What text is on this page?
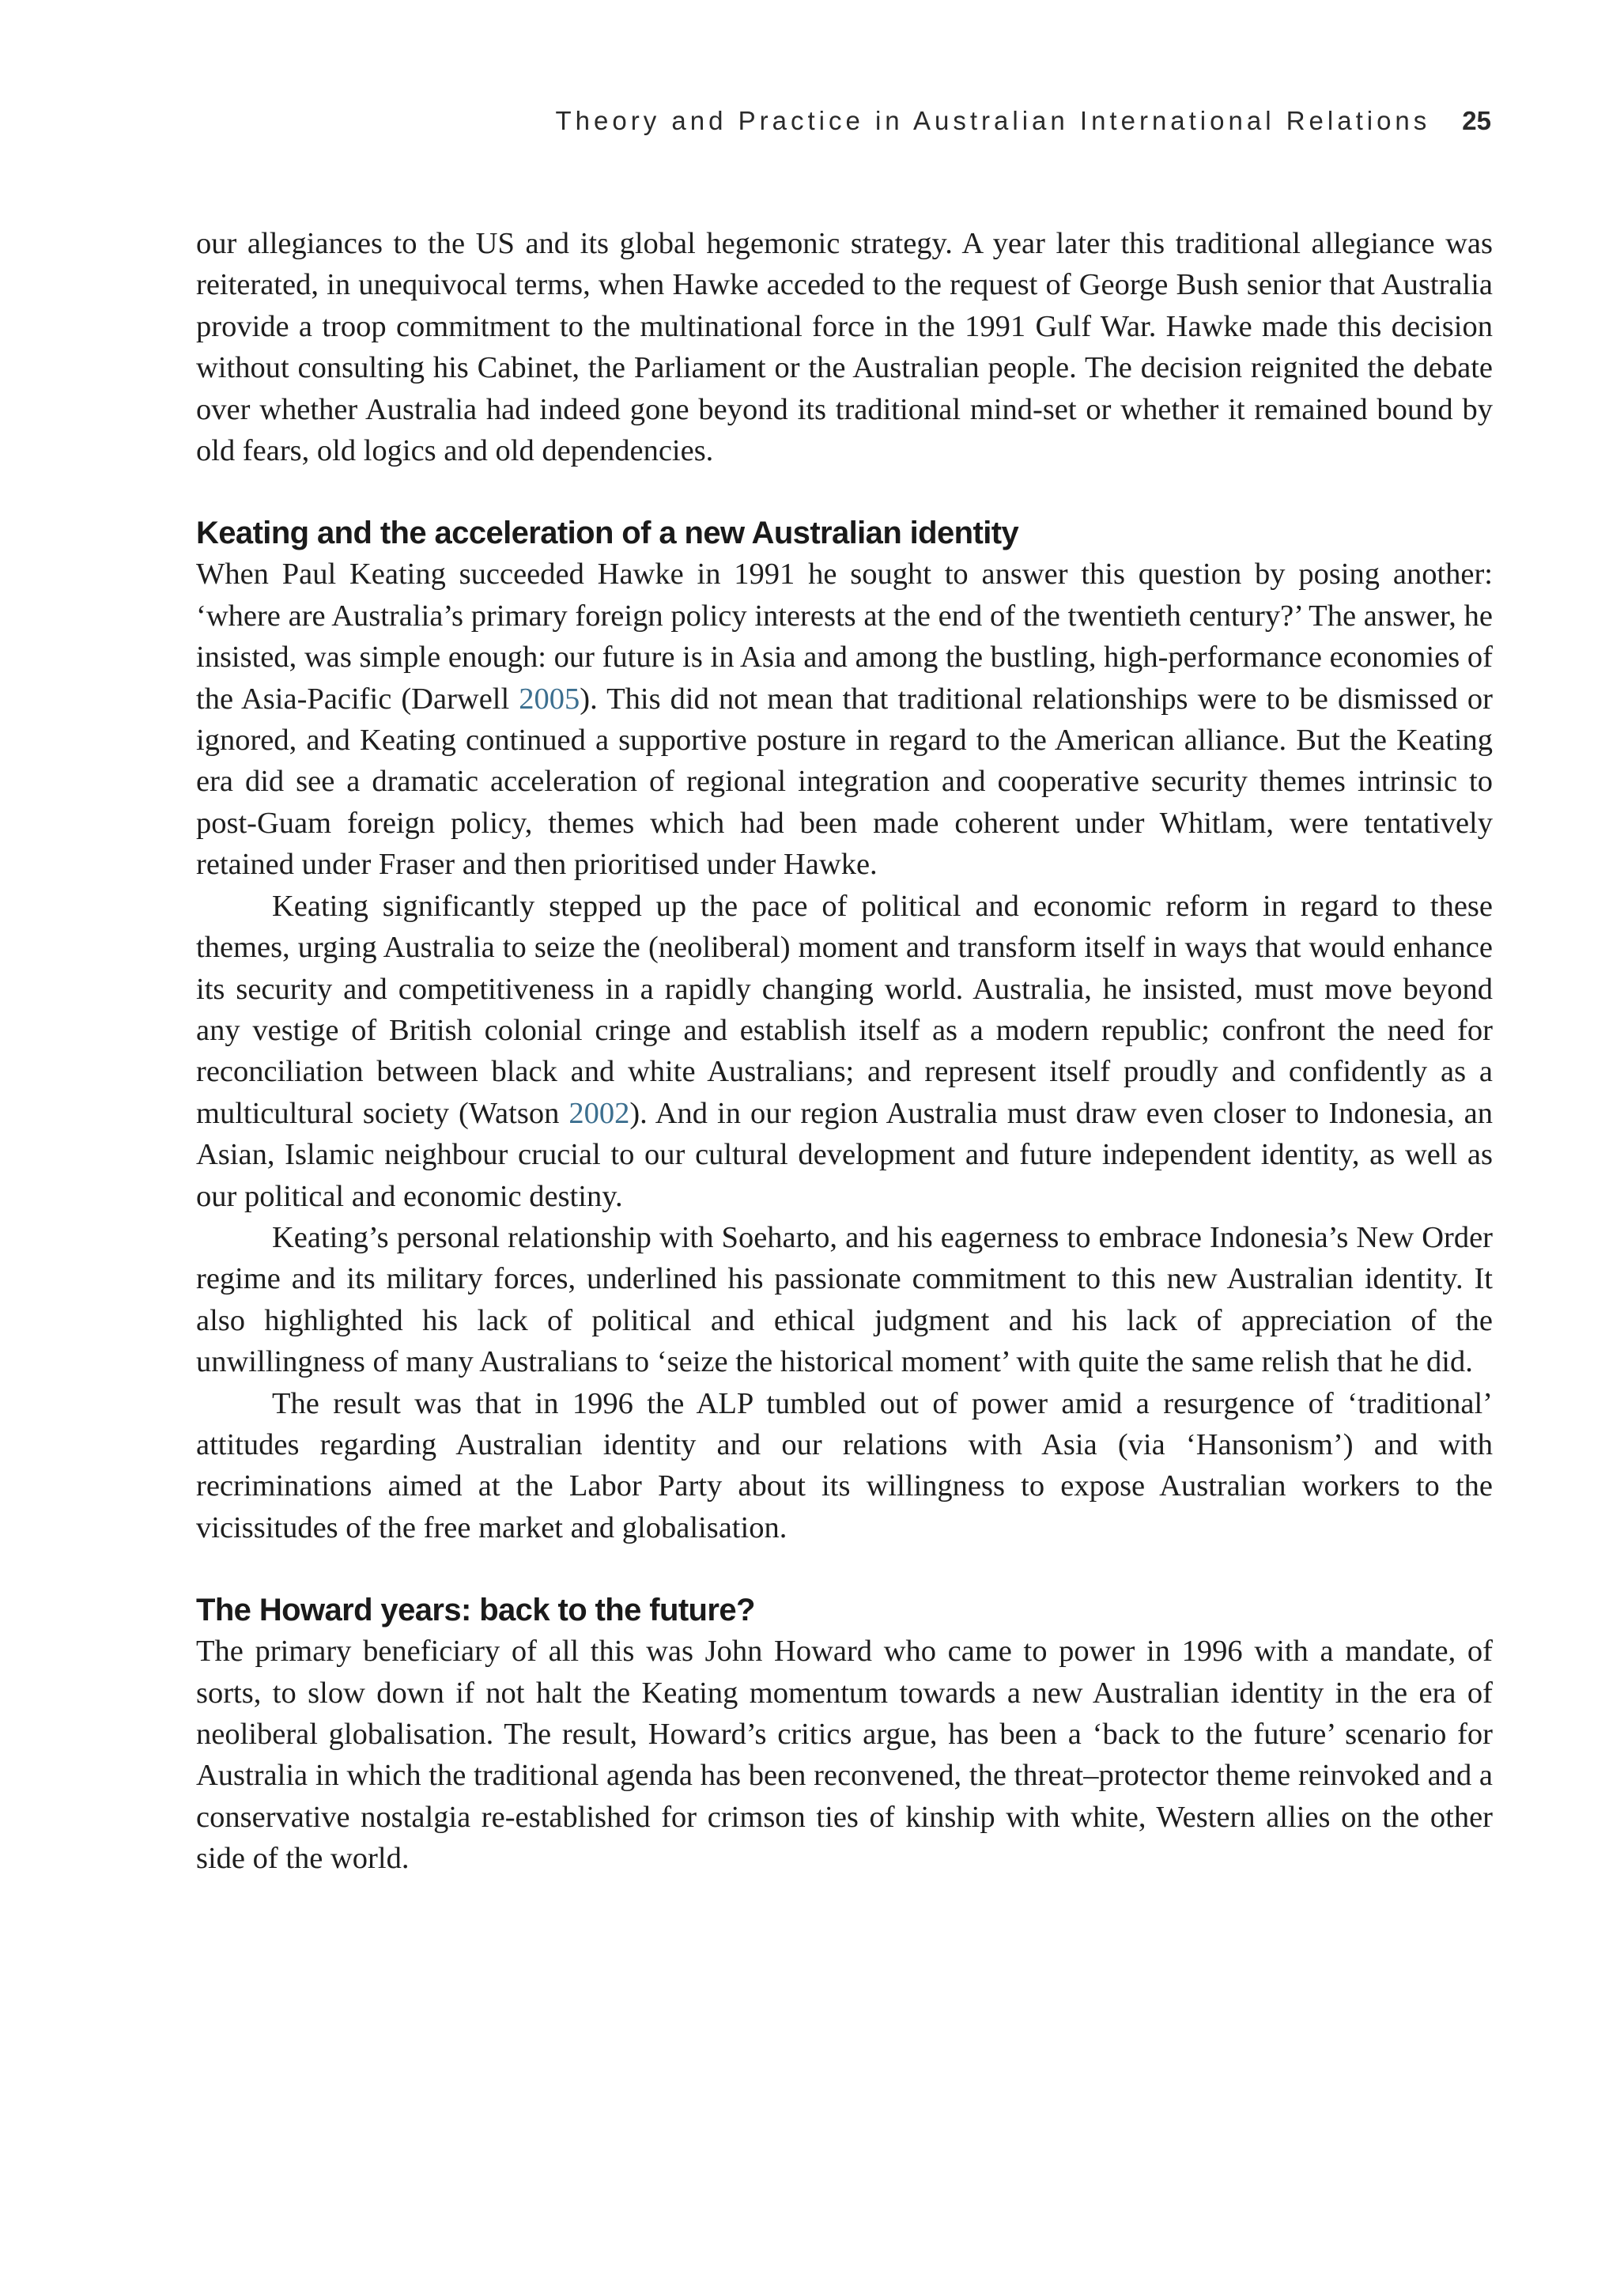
Theory and Practice in Australian International Relations 25

our allegiances to the US and its global hegemonic strategy. A year later this traditional allegiance was reiterated, in unequivocal terms, when Hawke acceded to the request of George Bush senior that Australia provide a troop commitment to the multinational force in the 1991 Gulf War. Hawke made this decision without consulting his Cabinet, the Parliament or the Australian people. The decision reignited the debate over whether Australia had indeed gone beyond its traditional mind-set or whether it remained bound by old fears, old logics and old dependencies.

Keating and the acceleration of a new Australian identity

When Paul Keating succeeded Hawke in 1991 he sought to answer this question by posing another: ‘where are Australia’s primary foreign policy interests at the end of the twentieth century?’ The answer, he insisted, was simple enough: our future is in Asia and among the bustling, high-performance economies of the Asia-Pacific (Darwell 2005). This did not mean that traditional relationships were to be dismissed or ignored, and Keating continued a supportive posture in regard to the American alliance. But the Keating era did see a dramatic acceleration of regional integration and cooperative security themes intrinsic to post-Guam foreign policy, themes which had been made coherent under Whitlam, were tentatively retained under Fraser and then prioritised under Hawke.

Keating significantly stepped up the pace of political and economic reform in regard to these themes, urging Australia to seize the (neoliberal) moment and transform itself in ways that would enhance its security and competitiveness in a rapidly changing world. Australia, he insisted, must move beyond any vestige of British colonial cringe and establish itself as a modern republic; confront the need for reconciliation between black and white Australians; and represent itself proudly and confidently as a multicultural society (Watson 2002). And in our region Australia must draw even closer to Indonesia, an Asian, Islamic neighbour crucial to our cultural development and future independent identity, as well as our political and economic destiny.

Keating’s personal relationship with Soeharto, and his eagerness to embrace Indonesia’s New Order regime and its military forces, underlined his passionate commitment to this new Australian identity. It also highlighted his lack of political and ethical judgment and his lack of appreciation of the unwillingness of many Australians to ‘seize the historical moment’ with quite the same relish that he did.

The result was that in 1996 the ALP tumbled out of power amid a resurgence of ‘traditional’ attitudes regarding Australian identity and our relations with Asia (via ‘Hansonism’) and with recriminations aimed at the Labor Party about its willingness to expose Australian workers to the vicissitudes of the free market and globalisation.

The Howard years: back to the future?

The primary beneficiary of all this was John Howard who came to power in 1996 with a mandate, of sorts, to slow down if not halt the Keating momentum towards a new Australian identity in the era of neoliberal globalisation. The result, Howard’s critics argue, has been a ‘back to the future’ scenario for Australia in which the traditional agenda has been reconvened, the threat–protector theme reinvoked and a conservative nostalgia re-established for crimson ties of kinship with white, Western allies on the other side of the world.
